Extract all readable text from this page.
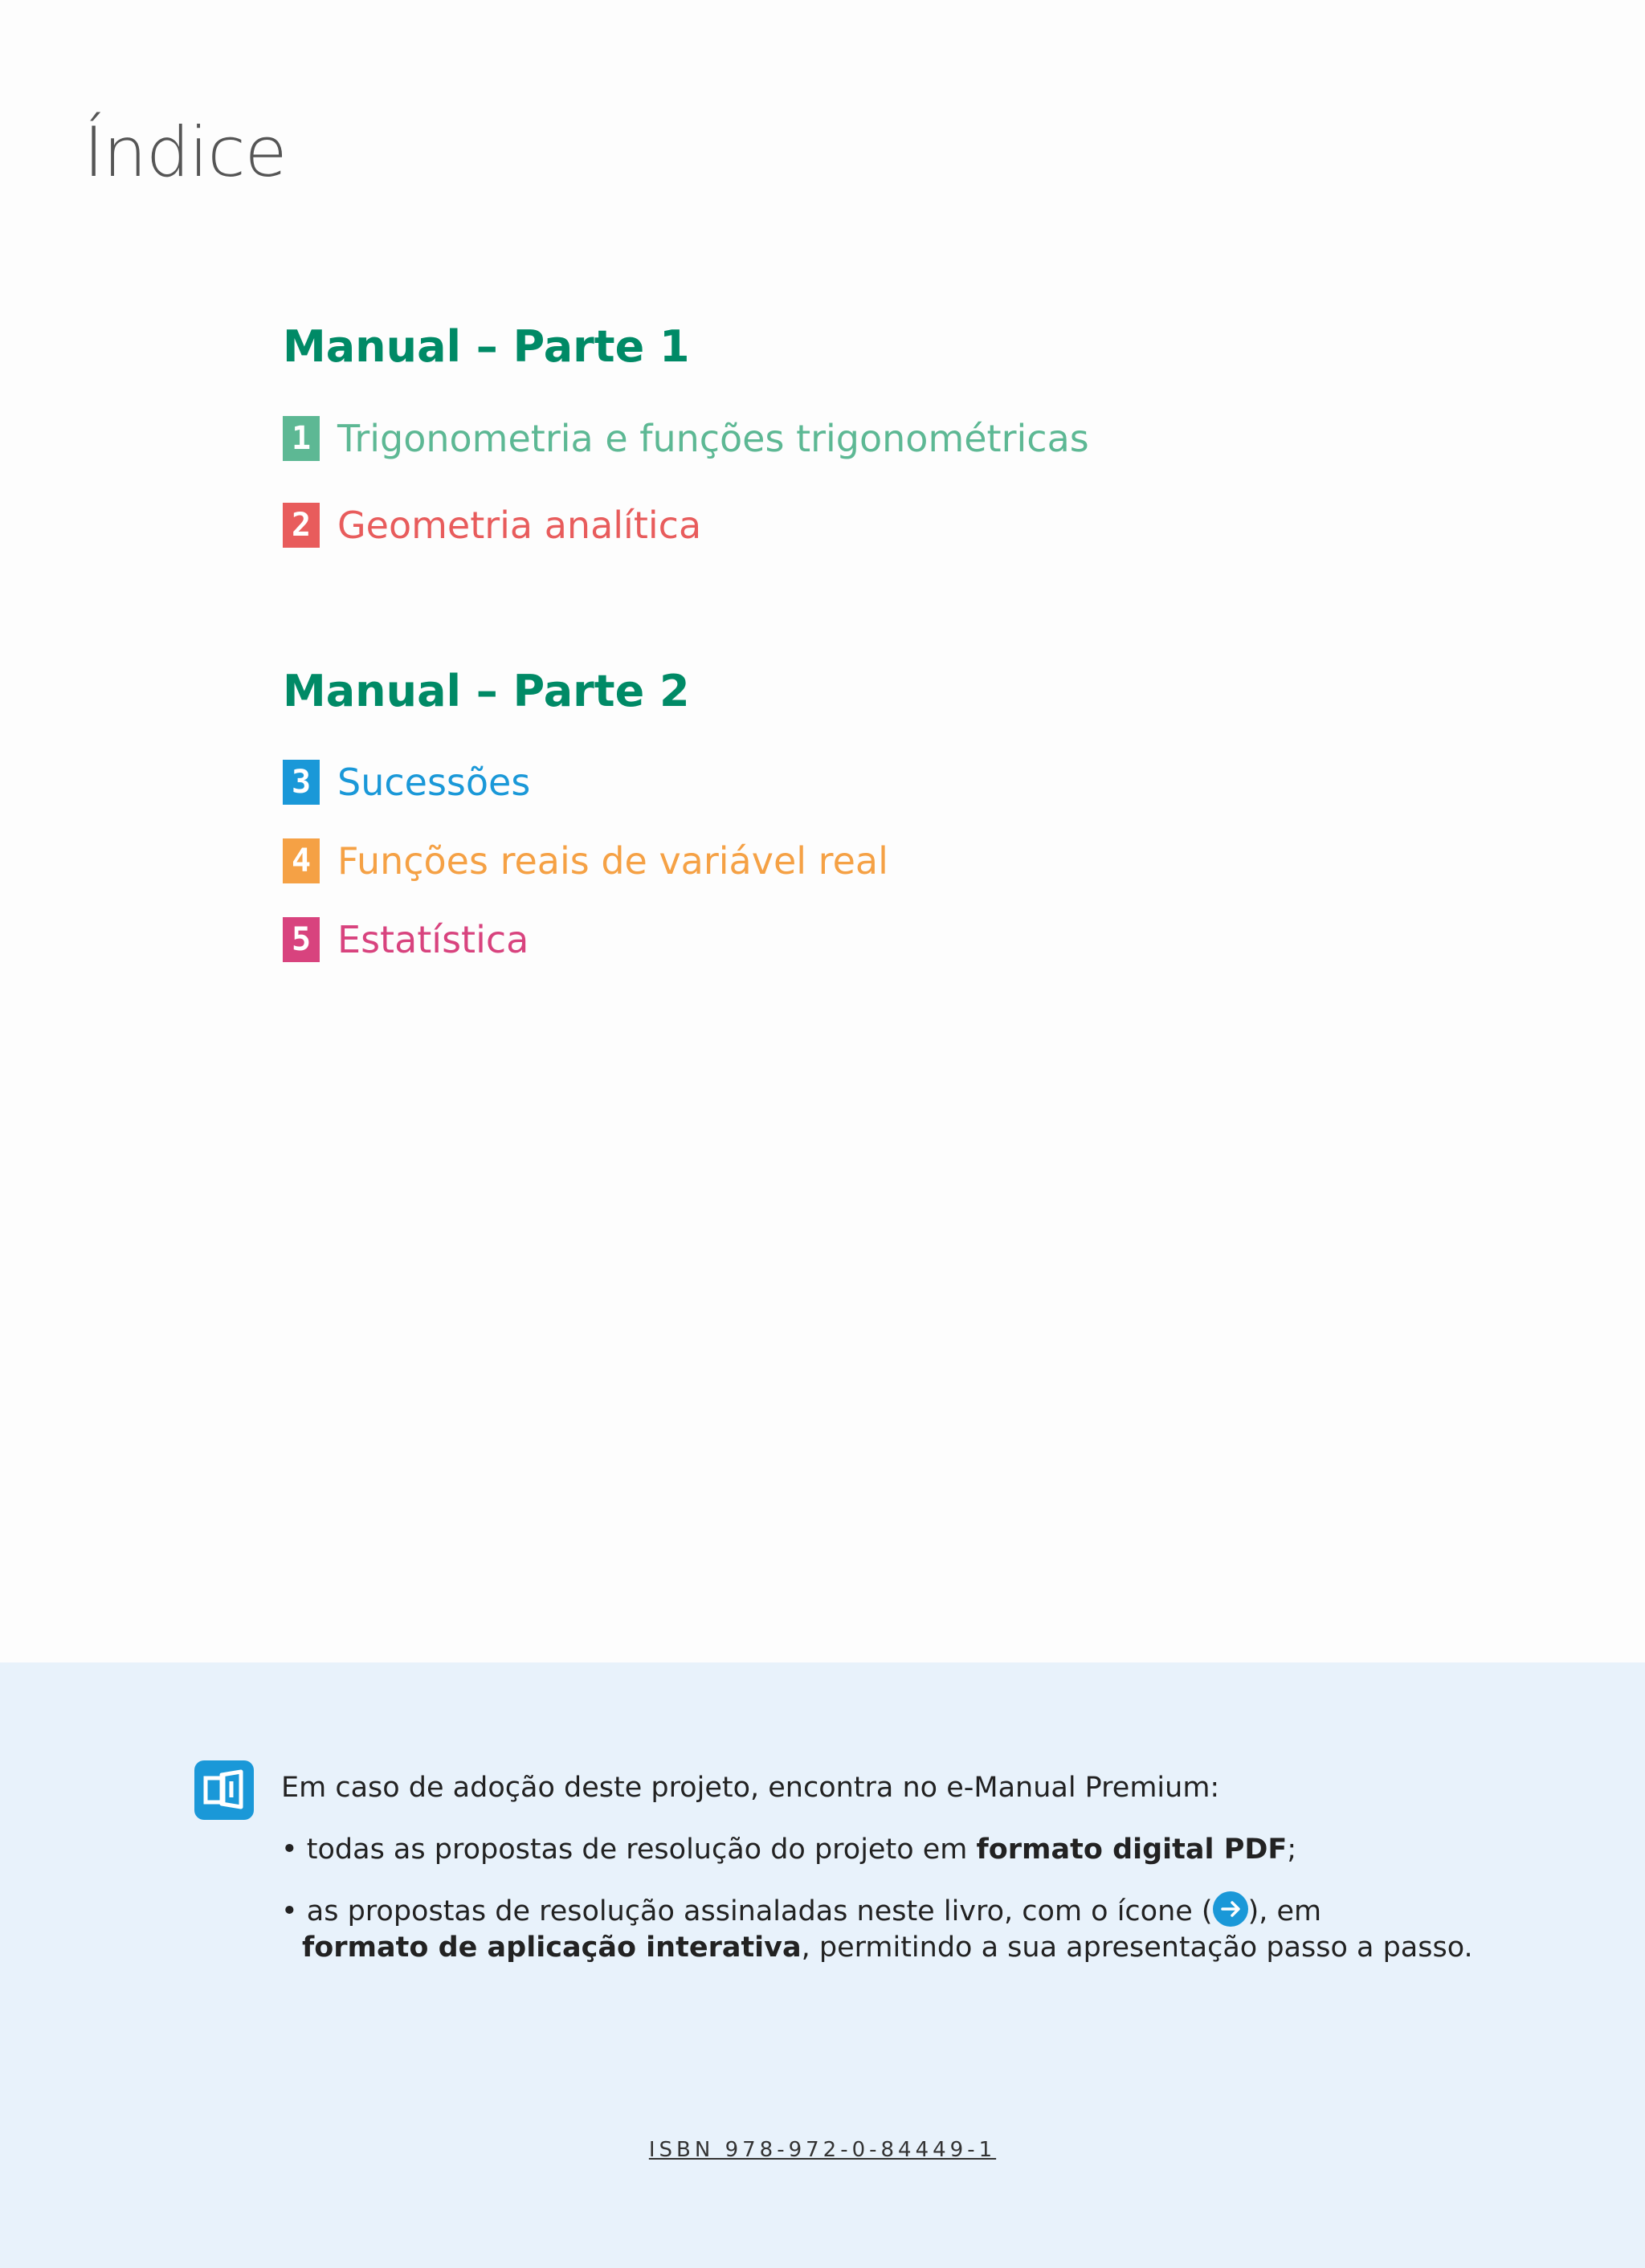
Índice
Manual – Parte 1
1 Trigonometria e funções trigonométricas
2 Geometria analítica
Manual – Parte 2
3 Sucessões
4 Funções reais de variável real
5 Estatística
Em caso de adoção deste projeto, encontra no e-Manual Premium:
• todas as propostas de resolução do projeto em formato digital PDF;
• as propostas de resolução assinaladas neste livro, com o ícone ( ), em
formato de aplicação interativa, permitindo a sua apresentação passo a passo.
ISBN 978-972-0-84449-1
